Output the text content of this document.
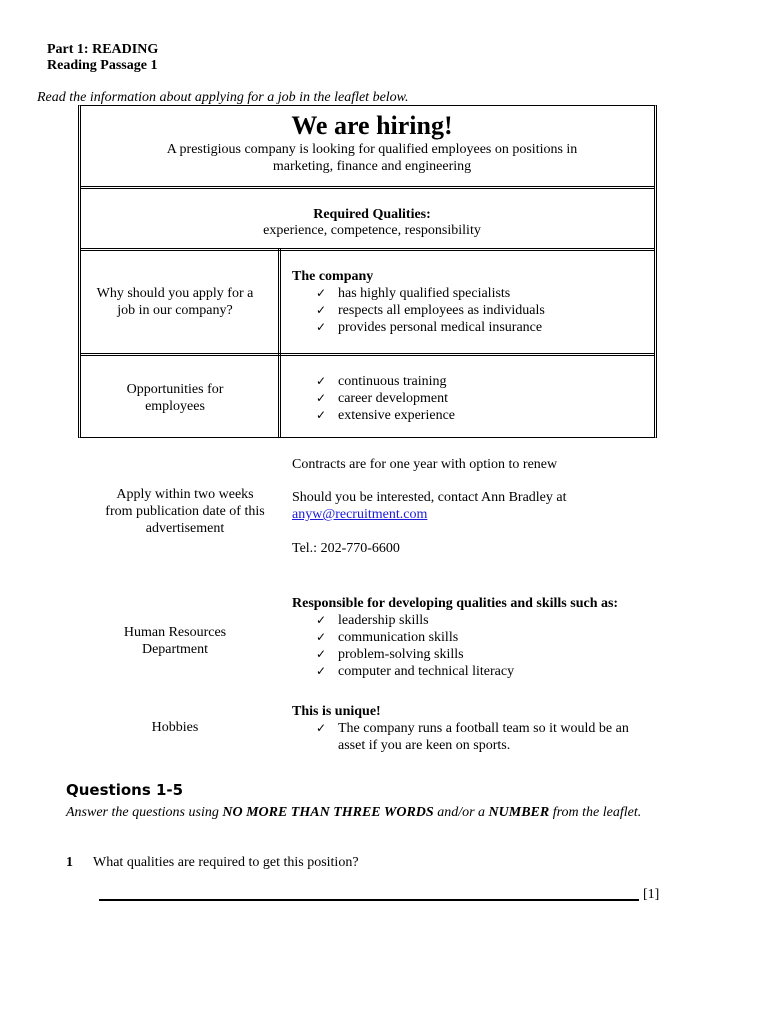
Part 1: READING
Reading Passage 1
Read the information about applying for a job in the leaflet below.
We are hiring!
A prestigious company is looking for qualified employees on positions in marketing, finance and engineering
Required Qualities:
experience, competence, responsibility
Why should you apply for a job in our company?
The company
✓ has highly qualified specialists
✓ respects all employees as individuals
✓ provides personal medical insurance
Opportunities for employees
✓ continuous training
✓ career development
✓ extensive experience
Apply within two weeks from publication date of this advertisement
Contracts are for one year with option to renew
Should you be interested, contact Ann Bradley at
anyw@recruitment.com
Tel.: 202-770-6600
Human Resources Department
Responsible for developing qualities and skills such as:
✓ leadership skills
✓ communication skills
✓ problem-solving skills
✓ computer and technical literacy
Hobbies
This is unique!
✓ The company runs a football team so it would be an asset if you are keen on sports.
Questions 1-5
Answer the questions using NO MORE THAN THREE WORDS and/or a NUMBER from the leaflet.
1 What qualities are required to get this position?
[1]
